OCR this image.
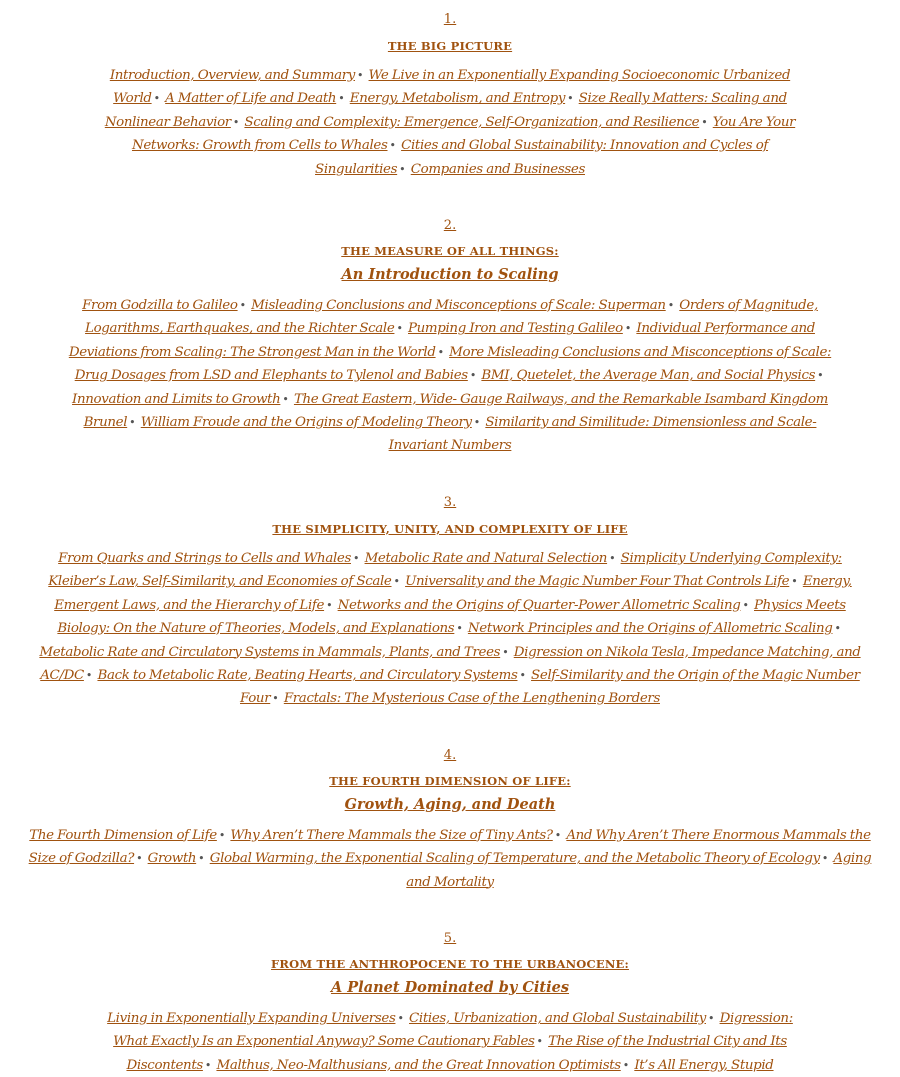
1.
THE BIG PICTURE
Introduction, Overview, and Summary • We Live in an Exponentially Expanding Socioeconomic Urbanized World • A Matter of Life and Death • Energy, Metabolism, and Entropy • Size Really Matters: Scaling and Nonlinear Behavior • Scaling and Complexity: Emergence, Self-Organization, and Resilience • You Are Your Networks: Growth from Cells to Whales • Cities and Global Sustainability: Innovation and Cycles of Singularities • Companies and Businesses
2.
THE MEASURE OF ALL THINGS:
An Introduction to Scaling
From Godzilla to Galileo • Misleading Conclusions and Misconceptions of Scale: Superman • Orders of Magnitude, Logarithms, Earthquakes, and the Richter Scale • Pumping Iron and Testing Galileo • Individual Performance and Deviations from Scaling: The Strongest Man in the World • More Misleading Conclusions and Misconceptions of Scale: Drug Dosages from LSD and Elephants to Tylenol and Babies • BMI, Quetelet, the Average Man, and Social Physics • Innovation and Limits to Growth • The Great Eastern, Wide- Gauge Railways, and the Remarkable Isambard Kingdom Brunel • William Froude and the Origins of Modeling Theory • Similarity and Similitude: Dimensionless and Scale-Invariant Numbers
3.
THE SIMPLICITY, UNITY, AND COMPLEXITY OF LIFE
From Quarks and Strings to Cells and Whales • Metabolic Rate and Natural Selection • Simplicity Underlying Complexity: Kleiber’s Law, Self-Similarity, and Economies of Scale • Universality and the Magic Number Four That Controls Life • Energy, Emergent Laws, and the Hierarchy of Life • Networks and the Origins of Quarter-Power Allometric Scaling • Physics Meets Biology: On the Nature of Theories, Models, and Explanations • Network Principles and the Origins of Allometric Scaling • Metabolic Rate and Circulatory Systems in Mammals, Plants, and Trees • Digression on Nikola Tesla, Impedance Matching, and AC/DC • Back to Metabolic Rate, Beating Hearts, and Circulatory Systems • Self-Similarity and the Origin of the Magic Number Four • Fractals: The Mysterious Case of the Lengthening Borders
4.
THE FOURTH DIMENSION OF LIFE:
Growth, Aging, and Death
The Fourth Dimension of Life • Why Aren’t There Mammals the Size of Tiny Ants? • And Why Aren’t There Enormous Mammals the Size of Godzilla? • Growth • Global Warming, the Exponential Scaling of Temperature, and the Metabolic Theory of Ecology • Aging and Mortality
5.
FROM THE ANTHROPOCENE TO THE URBANOCENE:
A Planet Dominated by Cities
Living in Exponentially Expanding Universes • Cities, Urbanization, and Global Sustainability • Digression: What Exactly Is an Exponential Anyway? Some Cautionary Fables • The Rise of the Industrial City and Its Discontents • Malthus, Neo-Malthusians, and the Great Innovation Optimists • It’s All Energy, Stupid
